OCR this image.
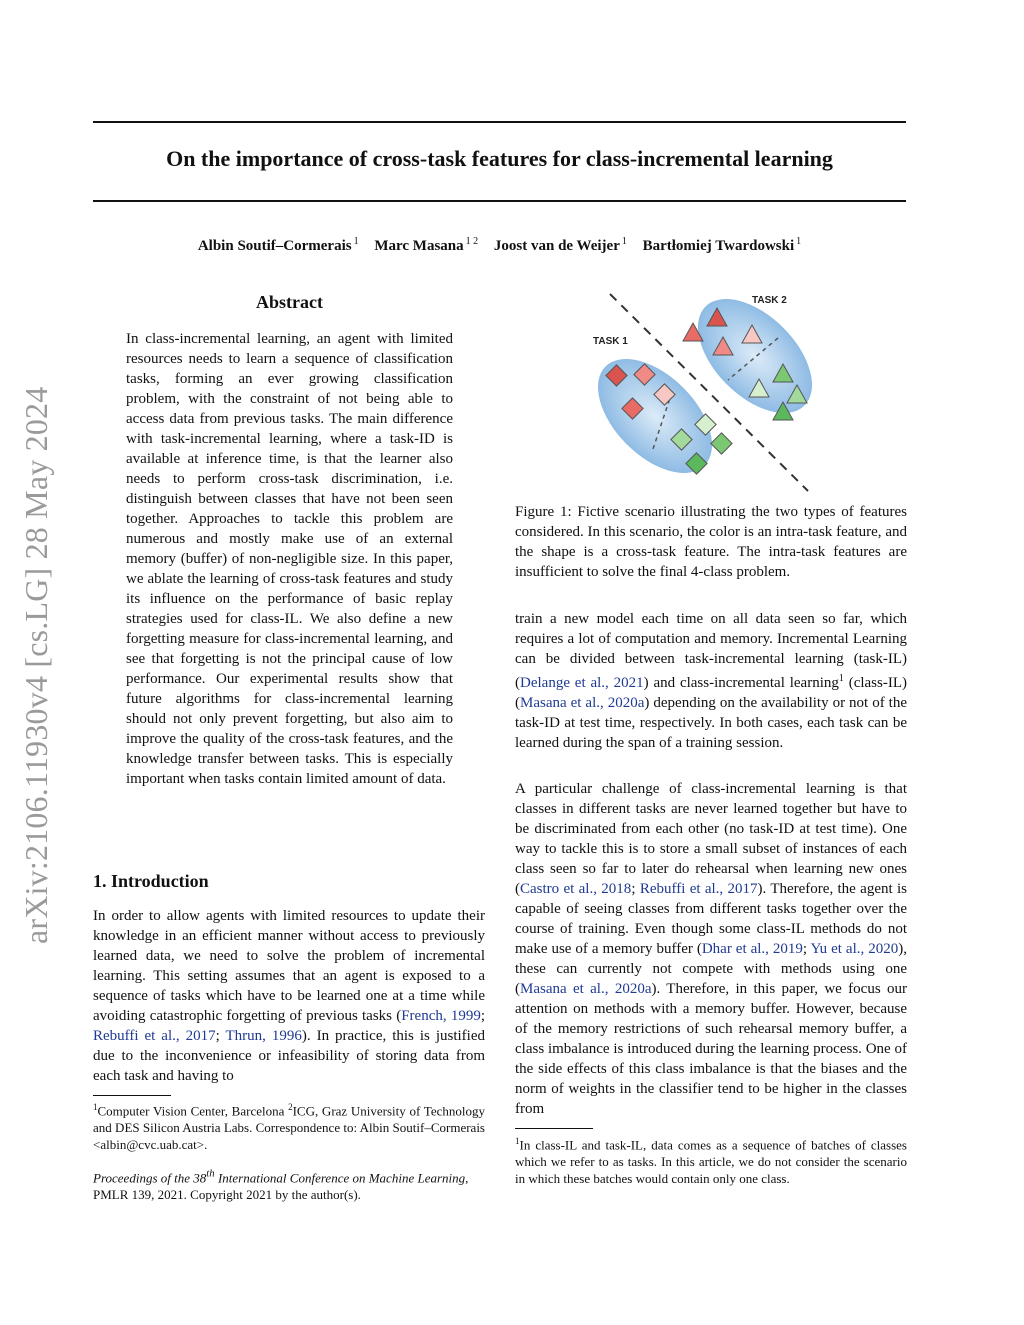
On the importance of cross-task features for class-incremental learning
Albin Soutif–Cormerais $^1$ Marc Masana $^{1 2}$ Joost van de Weijer $^1$ Bartłomiej Twardowski $^1$
arXiv:2106.11930v4 [cs.LG] 28 May 2024
Abstract
In class-incremental learning, an agent with limited resources needs to learn a sequence of classification tasks, forming an ever growing classification problem, with the constraint of not being able to access data from previous tasks. The main difference with task-incremental learning, where a task-ID is available at inference time, is that the learner also needs to perform cross-task discrimination, i.e. distinguish between classes that have not been seen together. Approaches to tackle this problem are numerous and mostly make use of an external memory (buffer) of non-negligible size. In this paper, we ablate the learning of cross-task features and study its influence on the performance of basic replay strategies used for class-IL. We also define a new forgetting measure for class-incremental learning, and see that forgetting is not the principal cause of low performance. Our experimental results show that future algorithms for class-incremental learning should not only prevent forgetting, but also aim to improve the quality of the cross-task features, and the knowledge transfer between tasks. This is especially important when tasks contain limited amount of data.
1. Introduction
In order to allow agents with limited resources to update their knowledge in an efficient manner without access to previously learned data, we need to solve the problem of incremental learning. This setting assumes that an agent is exposed to a sequence of tasks which have to be learned one at a time while avoiding catastrophic forgetting of previous tasks (French, 1999; Rebuffi et al., 2017; Thrun, 1996). In practice, this is justified due to the inconvenience or infeasibility of storing data from each task and having to
$^1$Computer Vision Center, Barcelona $^2$ICG, Graz University of Technology and DES Silicon Austria Labs. Correspondence to: Albin Soutif–Cormerais <albin@cvc.uab.cat>.
Proceedings of the 38th International Conference on Machine Learning, PMLR 139, 2021. Copyright 2021 by the author(s).
TASK 1
TASK 2
Figure 1: Fictive scenario illustrating the two types of features considered. In this scenario, the color is an intra-task feature, and the shape is a cross-task feature. The intra-task features are insufficient to solve the final 4-class problem.
train a new model each time on all data seen so far, which requires a lot of computation and memory. Incremental Learning can be divided between task-incremental learning (task-IL) (Delange et al., 2021) and class-incremental learning$^1$ (class-IL) (Masana et al., 2020a) depending on the availability or not of the task-ID at test time, respectively. In both cases, each task can be learned during the span of a training session.
A particular challenge of class-incremental learning is that classes in different tasks are never learned together but have to be discriminated from each other (no task-ID at test time). One way to tackle this is to store a small subset of instances of each class seen so far to later do rehearsal when learning new ones (Castro et al., 2018; Rebuffi et al., 2017). Therefore, the agent is capable of seeing classes from different tasks together over the course of training. Even though some class-IL methods do not make use of a memory buffer (Dhar et al., 2019; Yu et al., 2020), these can currently not compete with methods using one (Masana et al., 2020a). Therefore, in this paper, we focus our attention on methods with a memory buffer. However, because of the memory restrictions of such rehearsal memory buffer, a class imbalance is introduced during the learning process. One of the side effects of this class imbalance is that the biases and the norm of weights in the classifier tend to be higher in the classes from
$^1$In class-IL and task-IL, data comes as a sequence of batches of classes which we refer to as tasks. In this article, we do not consider the scenario in which these batches would contain only one class.
